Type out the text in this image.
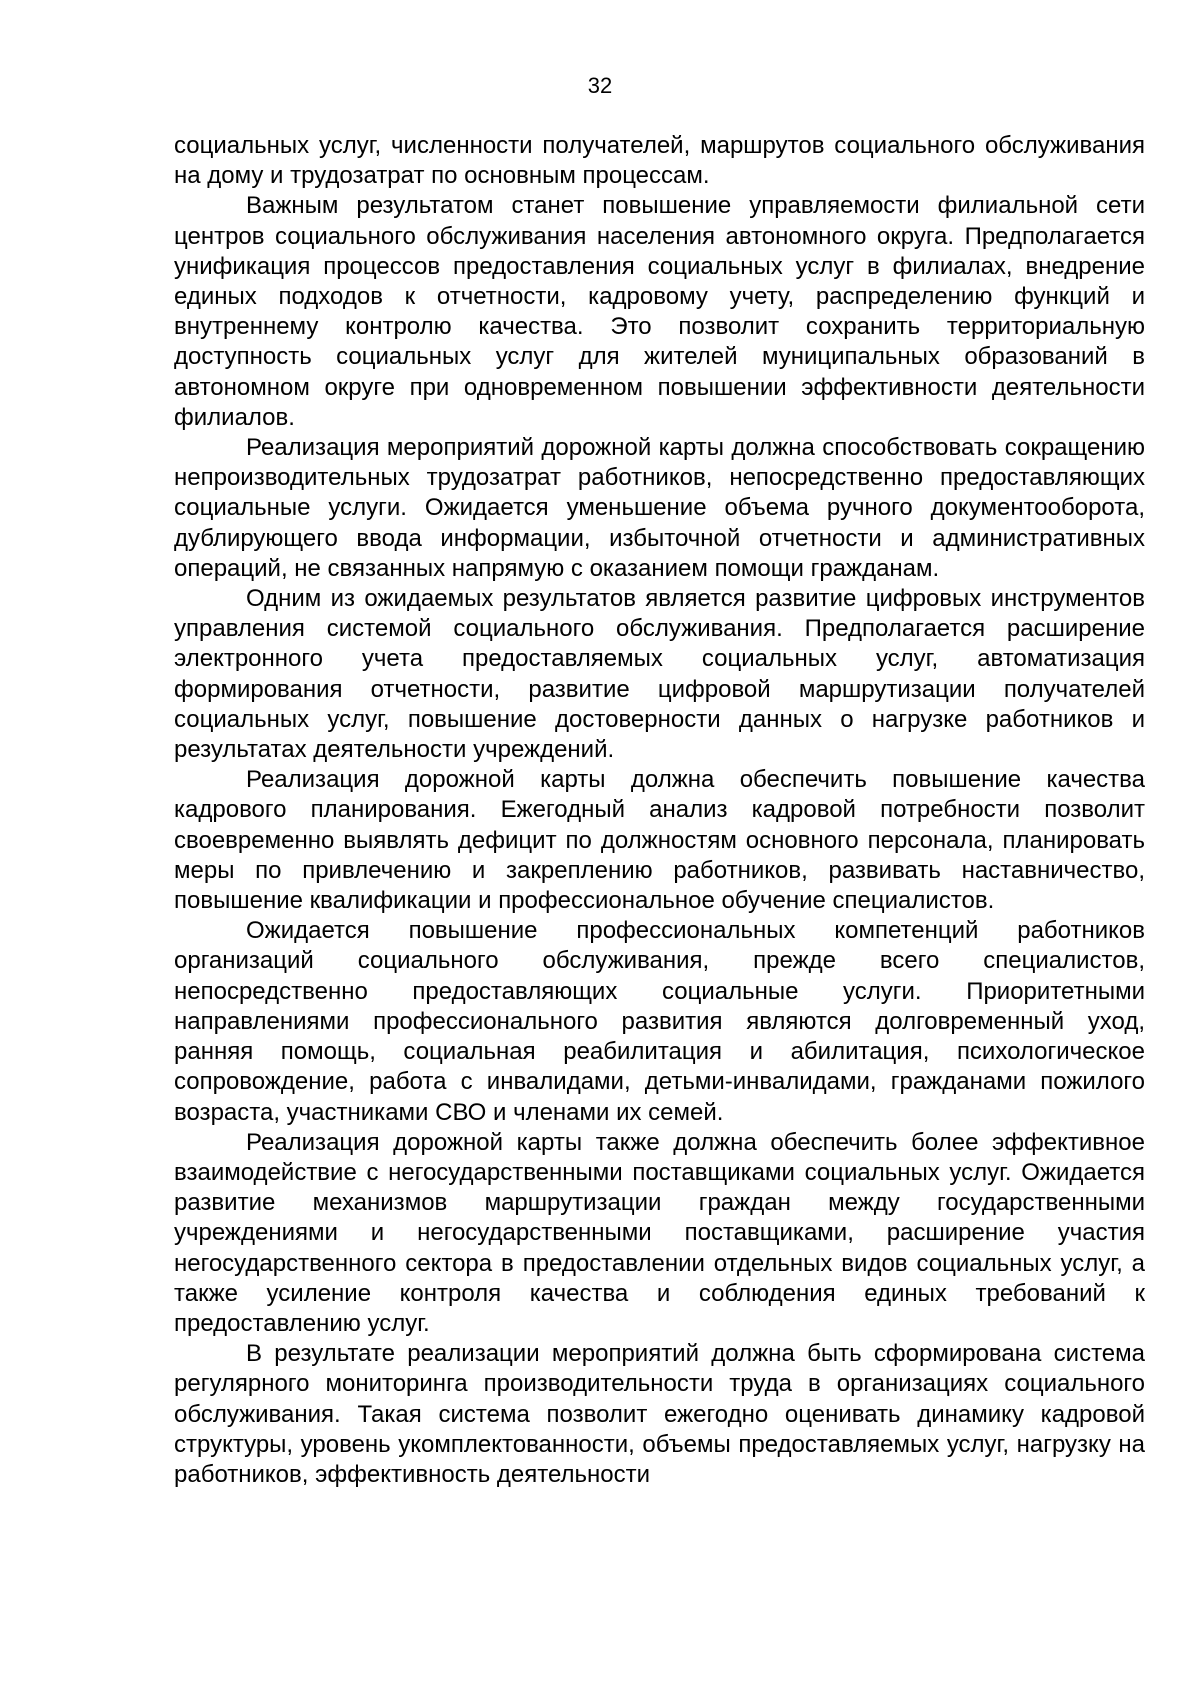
32

социальных услуг, численности получателей, маршрутов социального обслуживания на дому и трудозатрат по основным процессам.

Важным результатом станет повышение управляемости филиальной сети центров социального обслуживания населения автономного округа. Предполагается унификация процессов предоставления социальных услуг в филиалах, внедрение единых подходов к отчетности, кадровому учету, распределению функций и внутреннему контролю качества. Это позволит сохранить территориальную доступность социальных услуг для жителей муниципальных образований в автономном округе при одновременном повышении эффективности деятельности филиалов.

Реализация мероприятий дорожной карты должна способствовать сокращению непроизводительных трудозатрат работников, непосредственно предоставляющих социальные услуги. Ожидается уменьшение объема ручного документооборота, дублирующего ввода информации, избыточной отчетности и административных операций, не связанных напрямую с оказанием помощи гражданам.

Одним из ожидаемых результатов является развитие цифровых инструментов управления системой социального обслуживания. Предполагается расширение электронного учета предоставляемых социальных услуг, автоматизация формирования отчетности, развитие цифровой маршрутизации получателей социальных услуг, повышение достоверности данных о нагрузке работников и результатах деятельности учреждений.

Реализация дорожной карты должна обеспечить повышение качества кадрового планирования. Ежегодный анализ кадровой потребности позволит своевременно выявлять дефицит по должностям основного персонала, планировать меры по привлечению и закреплению работников, развивать наставничество, повышение квалификации и профессиональное обучение специалистов.

Ожидается повышение профессиональных компетенций работников организаций социального обслуживания, прежде всего специалистов, непосредственно предоставляющих социальные услуги. Приоритетными направлениями профессионального развития являются долговременный уход, ранняя помощь, социальная реабилитация и абилитация, психологическое сопровождение, работа с инвалидами, детьми-инвалидами, гражданами пожилого возраста, участниками СВО и членами их семей.

Реализация дорожной карты также должна обеспечить более эффективное взаимодействие с негосударственными поставщиками социальных услуг. Ожидается развитие механизмов маршрутизации граждан между государственными учреждениями и негосударственными поставщиками, расширение участия негосударственного сектора в предоставлении отдельных видов социальных услуг, а также усиление контроля качества и соблюдения единых требований к предоставлению услуг.

В результате реализации мероприятий должна быть сформирована система регулярного мониторинга производительности труда в организациях социального обслуживания. Такая система позволит ежегодно оценивать динамику кадровой структуры, уровень укомплектованности, объемы предоставляемых услуг, нагрузку на работников, эффективность деятельности
